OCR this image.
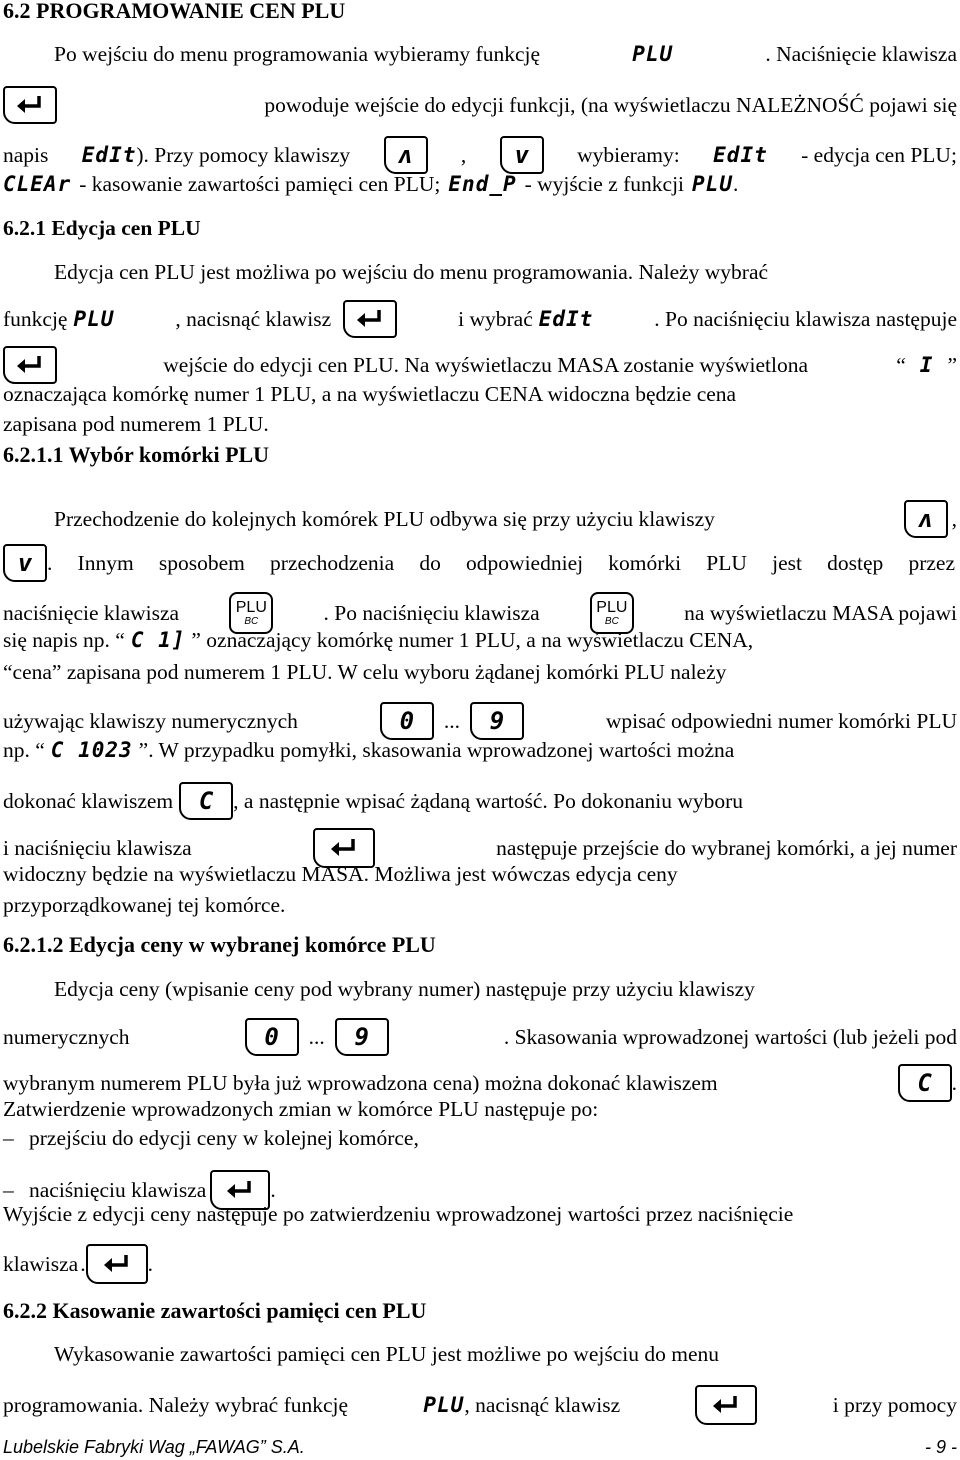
6.2 PROGRAMOWANIE CEN PLU
Po wejściu do menu programowania wybieramy funkcję	PLU	. Naciśnięcie klawisza
powoduje wejście do edycji funkcji, (na wyświetlaczu NALEŻNOŚĆ pojawi się
napis EdIt ). Przy pomocy klawiszy	ʌ	,	v	wybieramy: EdIt - edycja cen PLU;
CLEAr - kasowanie zawartości pamięci cen PLU; End_P - wyjście z funkcji PLU .
6.2.1 Edycja cen PLU
Edycja cen PLU jest możliwa po wejściu do menu programowania. Należy wybrać
funkcję PLU	, nacisnąć klawisz	i wybrać EdIt	. Po naciśnięciu klawisza następuje
wejście do edycji cen PLU. Na wyświetlaczu MASA zostanie wyświetlona	“ I ”
oznaczająca komórkę numer 1 PLU, a na wyświetlaczu CENA widoczna będzie cena
zapisana pod numerem 1 PLU.
6.2.1.1 Wybór komórki PLU
Przechodzenie do kolejnych komórek PLU odbywa się przy użyciu klawiszy	ʌ ,
v . Innym sposobem przechodzenia do odpowiedniej komórki PLU jest dostęp przez
naciśnięcie klawisza	PLU
BC	. Po naciśnięciu klawisza	PLU
BC	na wyświetlaczu MASA pojawi
się napis np. “ C 1] ” oznaczający komórkę numer 1 PLU, a na wyświetlaczu CENA,
“cena” zapisana pod numerem 1 PLU. W celu wyboru żądanej komórki PLU należy
używając klawiszy numerycznych	0	...	9	wpisać odpowiedni numer komórki PLU
np. “ C 1023 ”. W przypadku pomyłki, skasowania wprowadzonej wartości można
dokonać klawiszem	C , a następnie wpisać żądaną wartość. Po dokonaniu wyboru
i naciśnięciu klawisza	następuje przejście do wybranej komórki, a jej numer
widoczny będzie na wyświetlaczu MASA. Możliwa jest wówczas edycja ceny
przyporządkowanej tej komórce.
6.2.1.2 Edycja ceny w wybranej komórce PLU
Edycja ceny (wpisanie ceny pod wybrany numer) następuje przy użyciu klawiszy
numerycznych	0	...	9	. Skasowania wprowadzonej wartości (lub jeżeli pod
wybranym numerem PLU była już wprowadzona cena) można dokonać klawiszem	C .
Zatwierdzenie wprowadzonych zmian w komórce PLU następuje po:
– przejściu do edycji ceny w kolejnej komórce,
– naciśnięciu klawisza	.
Wyjście z edycji ceny następuje po zatwierdzeniu wprowadzonej wartości przez naciśnięcie
klawisza .	.
6.2.2 Kasowanie zawartości pamięci cen PLU
Wykasowanie zawartości pamięci cen PLU jest możliwe po wejściu do menu
programowania. Należy wybrać funkcję	PLU , nacisnąć klawisz	i przy pomocy
Lubelskie Fabryki Wag „FAWAG” S.A.	- 9 -
